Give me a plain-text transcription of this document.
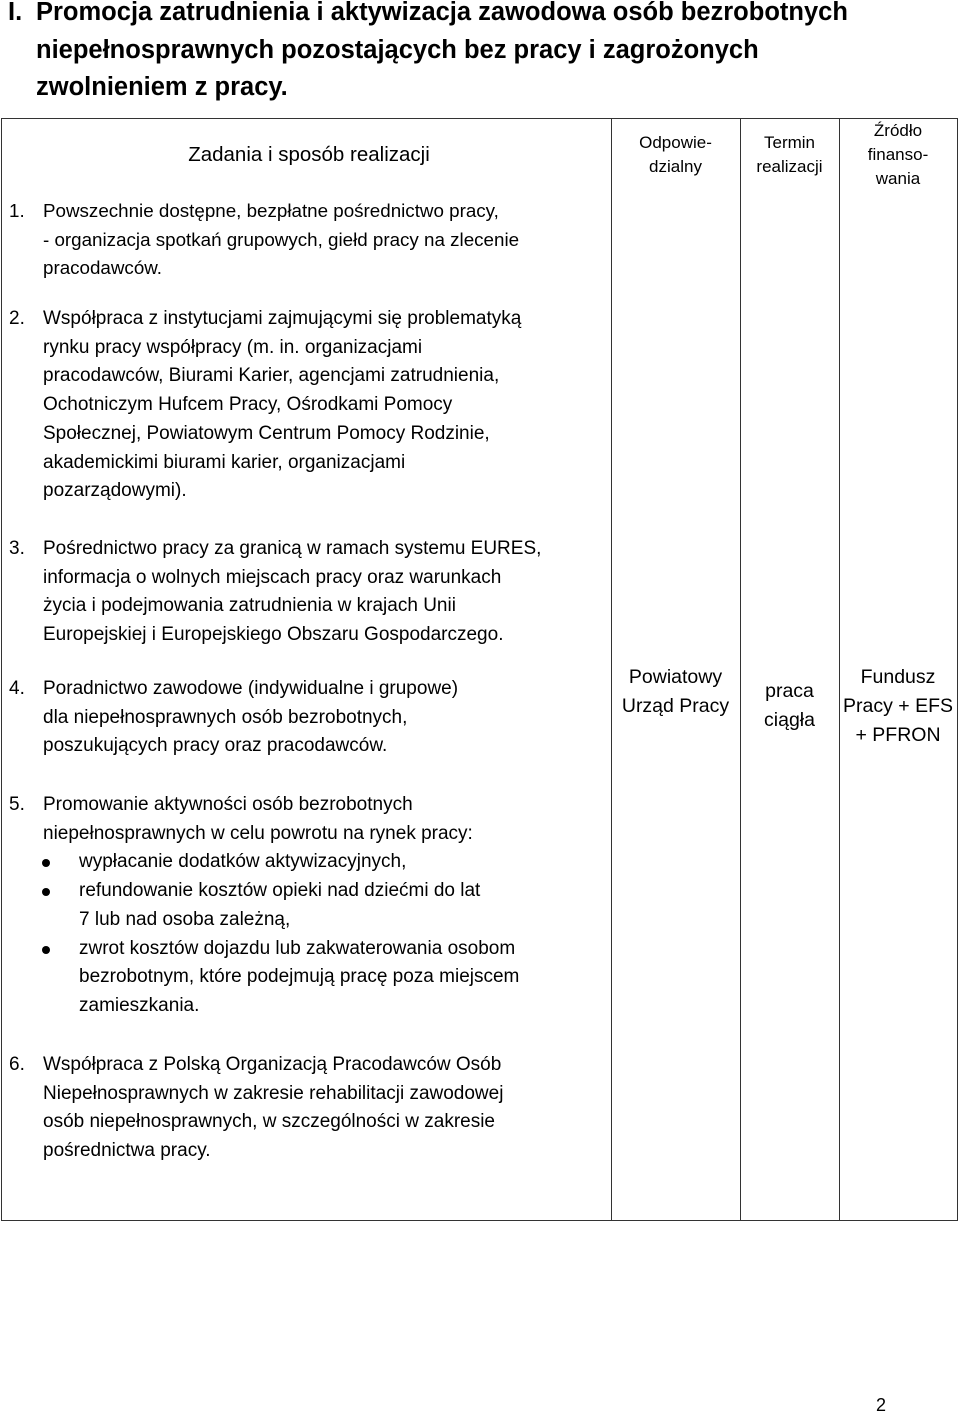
I. Promocja zatrudnienia i aktywizacja zawodowa osób bezrobotnych
niepełnosprawnych pozostających bez pracy i zagrożonych
zwolnieniem z pracy.
Zadania i sposób realizacji
Odpowie-
dzialny
Termin
realizacji
Źródło
finanso-
wania
1. Powszechnie dostępne, bezpłatne pośrednictwo pracy,
- organizacja spotkań grupowych, giełd pracy na zlecenie
pracodawców.
2. Współpraca z instytucjami zajmującymi się problematyką
rynku pracy współpracy (m. in. organizacjami
pracodawców, Biurami Karier, agencjami zatrudnienia,
Ochotniczym Hufcem Pracy, Ośrodkami Pomocy
Społecznej, Powiatowym Centrum Pomocy Rodzinie,
akademickimi biurami karier, organizacjami
pozarządowymi).
3. Pośrednictwo pracy za granicą w ramach systemu EURES,
informacja o wolnych miejscach pracy oraz warunkach
życia i podejmowania zatrudnienia w krajach Unii
Europejskiej i Europejskiego Obszaru Gospodarczego.
4. Poradnictwo zawodowe (indywidualne i grupowe)
dla niepełnosprawnych osób bezrobotnych,
poszukujących pracy oraz pracodawców.
5. Promowanie aktywności osób bezrobotnych
niepełnosprawnych w celu powrotu na rynek pracy:
wypłacanie dodatków aktywizacyjnych,
refundowanie kosztów opieki nad dziećmi do lat
7 lub nad osoba zależną,
zwrot kosztów dojazdu lub zakwaterowania osobom
bezrobotnym, które podejmują pracę poza miejscem
zamieszkania.
6. Współpraca z Polską Organizacją Pracodawców Osób
Niepełnosprawnych w zakresie rehabilitacji zawodowej
osób niepełnosprawnych, w szczególności w zakresie
pośrednictwa pracy.
Powiatowy
Urząd Pracy
praca
ciągła
Fundusz
Pracy + EFS
+ PFRON
2
